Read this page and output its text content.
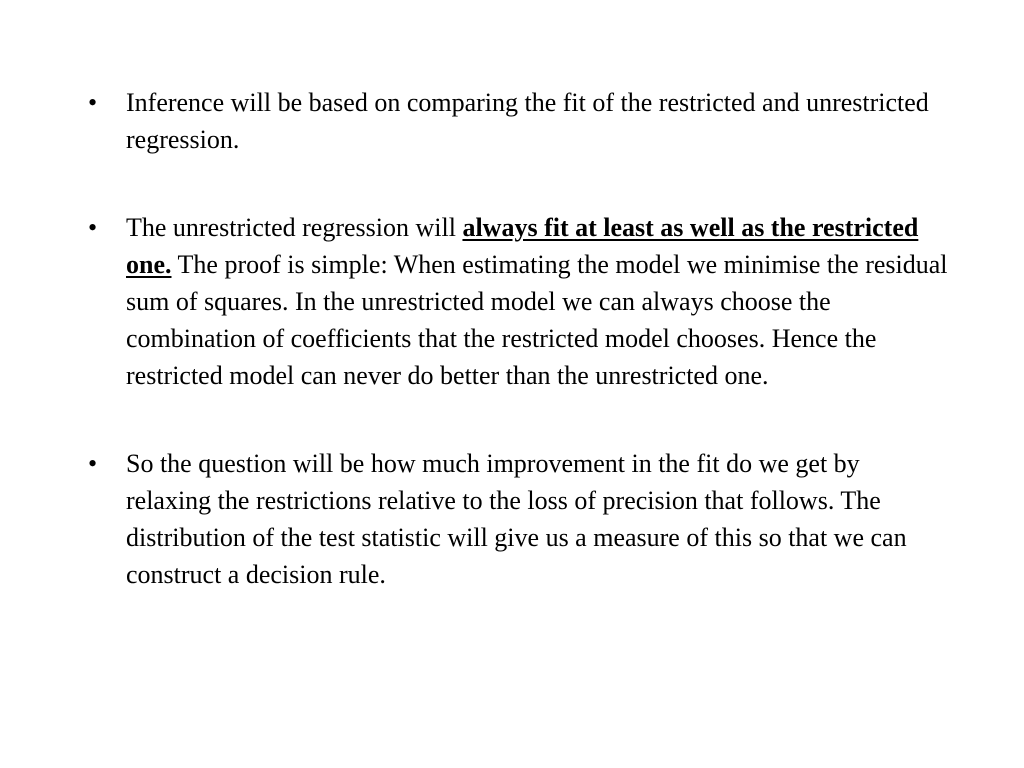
• Inference will be based on comparing the fit of the restricted and unrestricted regression.
• The unrestricted regression will always fit at least as well as the restricted one. The proof is simple: When estimating the model we minimise the residual sum of squares. In the unrestricted model we can always choose the combination of coefficients that the restricted model chooses. Hence the restricted model can never do better than the unrestricted one.
• So the question will be how much improvement in the fit do we get by relaxing the restrictions relative to the loss of precision that follows. The distribution of the test statistic will give us a measure of this so that we can construct a decision rule.
